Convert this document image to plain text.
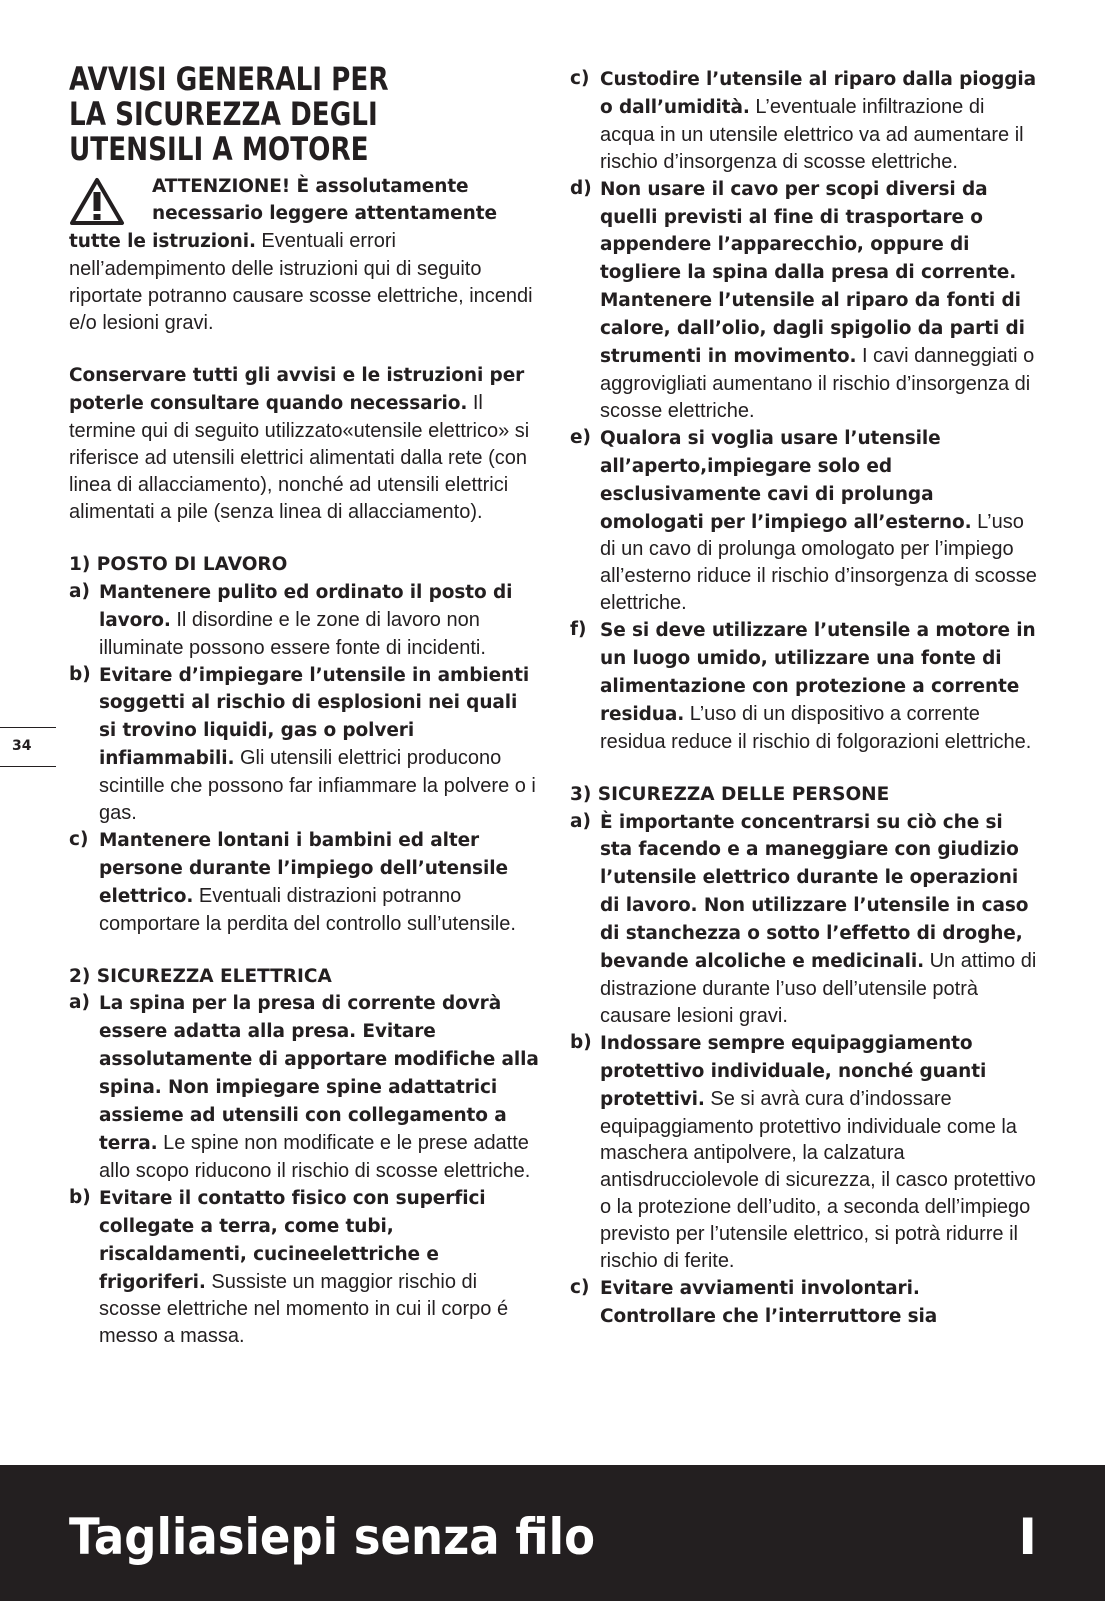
AVVISI GENERALI PER
LA SICUREZZA DEGLI
UTENSILI A MOTORE

ATTENZIONE! È assolutamente
necessario leggere attentamente
tutte le istruzioni. Eventuali errori nell’adempimento delle istruzioni qui di seguito riportate potranno causare scosse elettriche, incendi e/o lesioni gravi.

Conservare tutti gli avvisi e le istruzioni per poterle consultare quando necessario. Il termine qui di seguito utilizzato«utensile elettrico» si riferisce ad utensili elettrici alimentati dalla rete (con linea di allacciamento), nonché ad utensili elettrici alimentati a pile (senza linea di allacciamento).

1) POSTO DI LAVORO
a) Mantenere pulito ed ordinato il posto di lavoro. Il disordine e le zone di lavoro non illuminate possono essere fonte di incidenti.
b) Evitare d’impiegare l’utensile in ambienti soggetti al rischio di esplosioni nei quali si trovino liquidi, gas o polveri infiammabili. Gli utensili elettrici producono scintille che possono far infiammare la polvere o i gas.
c) Mantenere lontani i bambini ed alter persone durante l’impiego dell’utensile elettrico. Eventuali distrazioni potranno comportare la perdita del controllo sull’utensile.
2) SICUREZZA ELETTRICA
a) La spina per la presa di corrente dovrà essere adatta alla presa. Evitare assolutamente di apportare modifiche alla spina. Non impiegare spine adattatrici assieme ad utensili con collegamento a terra. Le spine non modificate e le prese adatte allo scopo riducono il rischio di scosse elettriche.
b) Evitare il contatto fisico con superfici collegate a terra, come tubi, riscaldamenti, cucineelettriche e frigoriferi. Sussiste un maggior rischio di scosse elettriche nel momento in cui il corpo é messo a massa.
c) Custodire l’utensile al riparo dalla pioggia o dall’umidità. L’eventuale infiltrazione di acqua in un utensile elettrico va ad aumentare il rischio d’insorgenza di scosse elettriche.
d) Non usare il cavo per scopi diversi da quelli previsti al fine di trasportare o appendere l’apparecchio, oppure di togliere la spina dalla presa di corrente. Mantenere l’utensile al riparo da fonti di calore, dall’olio, dagli spigolio da parti di strumenti in movimento. I cavi danneggiati o aggrovigliati aumentano il rischio d’insorgenza di scosse elettriche.
e) Qualora si voglia usare l’utensile all’aperto,impiegare solo ed esclusivamente cavi di prolunga omologati per l’impiego all’esterno. L’uso di un cavo di prolunga omologato per l’impiego all’esterno riduce il rischio d’insorgenza di scosse elettriche.
f) Se si deve utilizzare l’utensile a motore in un luogo umido, utilizzare una fonte di alimentazione con protezione a corrente residua. L’uso di un dispositivo a corrente residua reduce il rischio di folgorazioni elettriche.
3) SICUREZZA DELLE PERSONE
a) È importante concentrarsi su ciò che si sta facendo e a maneggiare con giudizio l’utensile elettrico durante le operazioni di lavoro. Non utilizzare l’utensile in caso di stanchezza o sotto l’effetto di droghe, bevande alcoliche e medicinali. Un attimo di distrazione durante l’uso dell’utensile potrà causare lesioni gravi.
b) Indossare sempre equipaggiamento protettivo individuale, nonché guanti protettivi. Se si avrà cura d’indossare equipaggiamento protettivo individuale come la maschera antipolvere, la calzatura antisdrucciolevole di sicurezza, il casco protettivo o la protezione dell’udito, a seconda dell’impiego previsto per l’utensile elettrico, si potrà ridurre il rischio di ferite.
c) Evitare avviamenti involontari. Controllare che l’interruttore sia
34
Tagliasiepi senza filo	I
